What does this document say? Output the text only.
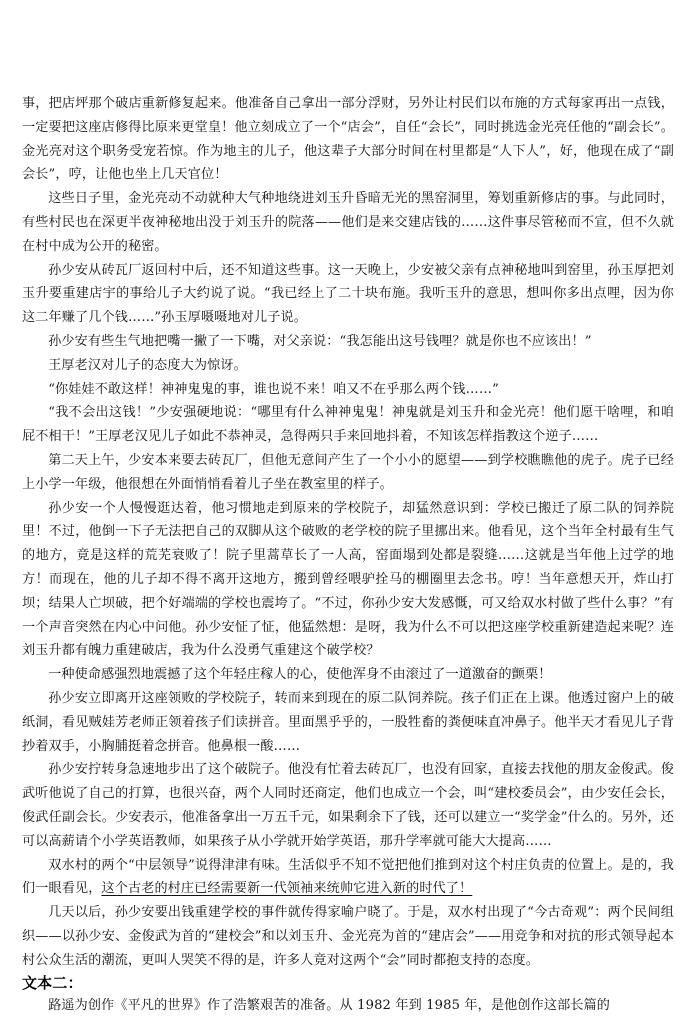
事，把店坪那个破店重新修复起来。他准备自己拿出一部分浮财，另外让村民们以布施的方式每家再出一点钱，一定要把这座店修得比原来更堂皇！他立刻成立了一个“店会”，自任“会长”，同时挑选金光亮任他的“副会长”。金光亮对这个职务受宠若惊。作为地主的儿子，他这辈子大部分时间在村里都是“人下人”，好，他现在成了“副会长”，哼，让他也坐上几天官位！

这些日子里，金光亮动不动就种大气种地绕进刘玉升昏暗无光的黑窑洞里，筹划重新修店的事。与此同时，有些村民也在深更半夜神秘地出没于刘玉升的院落——他们是来交建店钱的……这件事尽管秘而不宣，但不久就在村中成为公开的秘密。

孙少安从砖瓦厂返回村中后，还不知道这些事。这一天晚上，少安被父亲有点神秘地叫到窑里，孙玉厚把刘玉升要重建店宇的事给儿子大约说了说。“我已经上了二十块布施。我听玉升的意思，想叫你多出点哩，因为你这二年赚了几个钱……”孙玉厚嗫嗫地对儿子说。

孙少安有些生气地把嘴一撇了一下嘴，对父亲说：“我怎能出这号钱哩？就是你也不应该出！”

王厚老汉对儿子的态度大为惊讶。

“你娃娃不敢这样！神神鬼鬼的事，谁也说不来！咱又不在乎那么两个钱……”

“我不会出这钱！”少安强硬地说：“哪里有什么神神鬼鬼！神鬼就是刘玉升和金光亮！他们愿干啥哩，和咱屁不相干！”王厚老汉见儿子如此不恭神灵，急得两只手来回地抖着，不知该怎样指教这个逆子……

第二天上午，少安本来要去砖瓦厂，但他无意间产生了一个小小的愿望——到学校瞧瞧他的虎子。虎子已经上小学一年级，他很想在外面悄悄看着儿子坐在教室里的样子。

孙少安一个人慢慢逛达着，他习惯地走到原来的学校院子，却猛然意识到：学校已搬迁了原二队的饲养院里！不过，他倒一下子无法把自己的双脚从这个破败的老学校的院子里挪出来。他看见，这个当年全村最有生气的地方，竟是这样的荒芜衰败了！院子里蒿草长了一人高，窑面塌到处都是裂缝……这就是当年他上过学的地方！而现在，他的儿子却不得不离开这地方，搬到曾经喂驴拴马的棚圈里去念书。哼！当年意想天开，炸山打坝；结果人亡坝破，把个好端端的学校也震垮了。“不过，你孙少安大发感慨，可又给双水村做了些什么事？”有一个声音突然在内心中问他。孙少安怔了怔，他猛然想：是呀，我为什么不可以把这座学校重新建造起来呢？连刘玉升都有魄力重建破店，我为什么没勇气重建这个破学校？

一种使命感强烈地震撼了这个年轻庄稼人的心，使他浑身不由滚过了一道激奋的颤栗！

孙少安立即离开这座领败的学校院子，转而来到现在的原二队饲养院。孩子们正在上课。他透过窗户上的破纸洞，看见贼娃芳老师正领着孩子们读拼音。里面黑乎乎的，一股牲畜的粪便味直冲鼻子。他半天才看见儿子背抄着双手，小胸脯挺着念拼音。他鼻根一酸……

孙少安拧转身急速地步出了这个破院子。他没有忙着去砖瓦厂，也没有回家，直接去找他的朋友金俊武。俊武听他说了自己的打算，也很兴奋，两个人同时还商定，他们也成立一个会，叫“建校委员会”，由少安任会长，俊武任副会长。少安表示，他准备拿出一万五千元，如果剩余下了钱，还可以建立一“奖学金”什么的。另外，还可以高薪请个小学英语教师，如果孩子从小学就开始学英语，那升学率就可能大大提高……

双水村的两个“中层领导”说得津津有味。生活似乎不知不觉把他们推到对这个村庄负责的位置上。是的，我们一眼看见，这个古老的村庄已经需要新一代领袖来统帅它进入新的时代了！

几天以后，孙少安要出钱重建学校的事件就传得家喻户晓了。于是，双水村出现了“今古奇观”：两个民间组织——以孙少安、金俊武为首的“建校会”和以刘玉升、金光亮为首的“建店会”——用竞争和对抗的形式领导起本村公众生活的潮流，更叫人哭笑不得的是，许多人竟对这两个“会”同时都抱支持的态度。

文本二：

路遥为创作《平凡的世界》作了浩繁艰苦的准备。从 1982 年到 1985 年，是他创作这部长篇的
